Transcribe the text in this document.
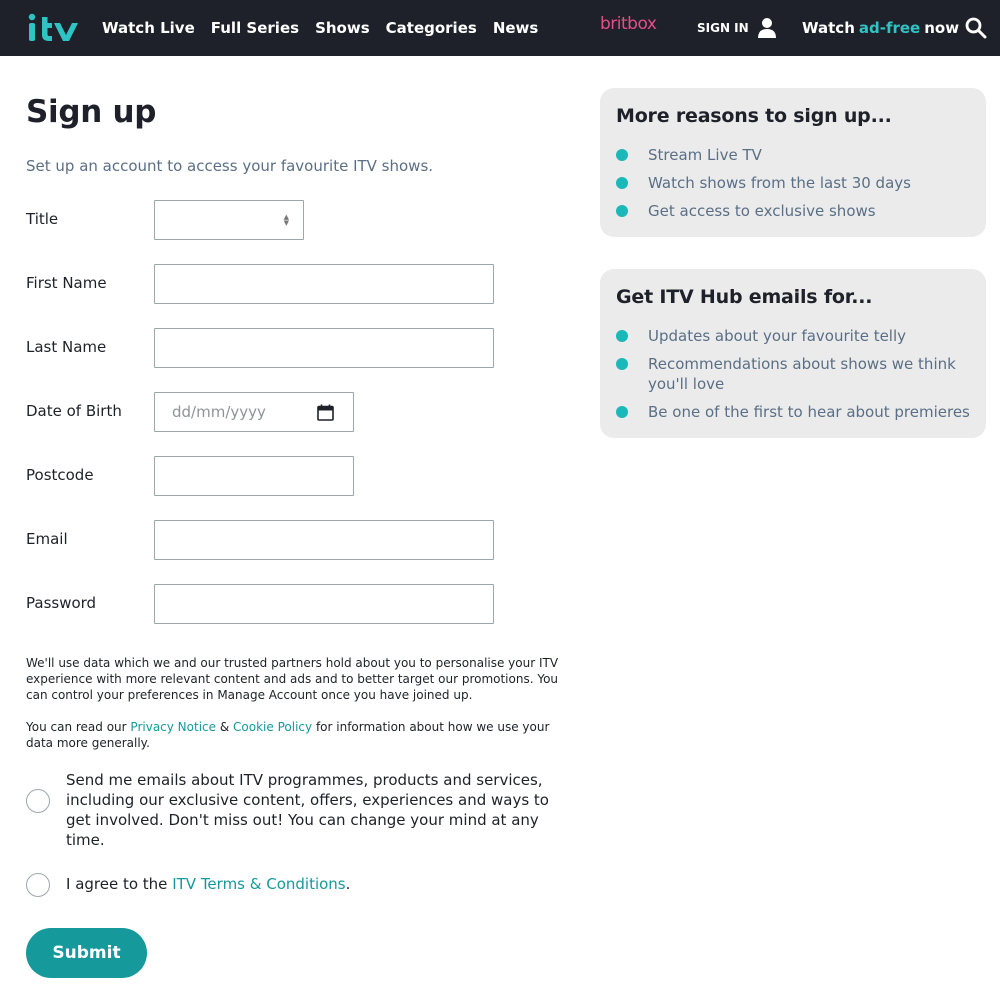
itv
Watch Live Full Series Shows Categories News	britbox	SIGN IN	Watch ad-free now
Sign up

Set up an account to access your favourite ITV shows.

Title	▲
▼
First Name
Last Name
Date of Birth	dd/mm/yyyy
Postcode
Email
Password

We'll use data which we and our trusted partners hold about you to personalise your ITV experience with more relevant content and ads and to better target our promotions. You can control your preferences in Manage Account once you have joined up.

You can read our Privacy Notice & Cookie Policy for information about how we use your data more generally.

Send me emails about ITV programmes, products and services, including our exclusive content, offers, experiences and ways to get involved. Don't miss out! You can change your mind at any time.

I agree to the ITV Terms & Conditions.

Submit
More reasons to sign up...
Stream Live TV
Watch shows from the last 30 days
Get access to exclusive shows
Get ITV Hub emails for...
Updates about your favourite telly
Recommendations about shows we think you'll love
Be one of the first to hear about premieres
